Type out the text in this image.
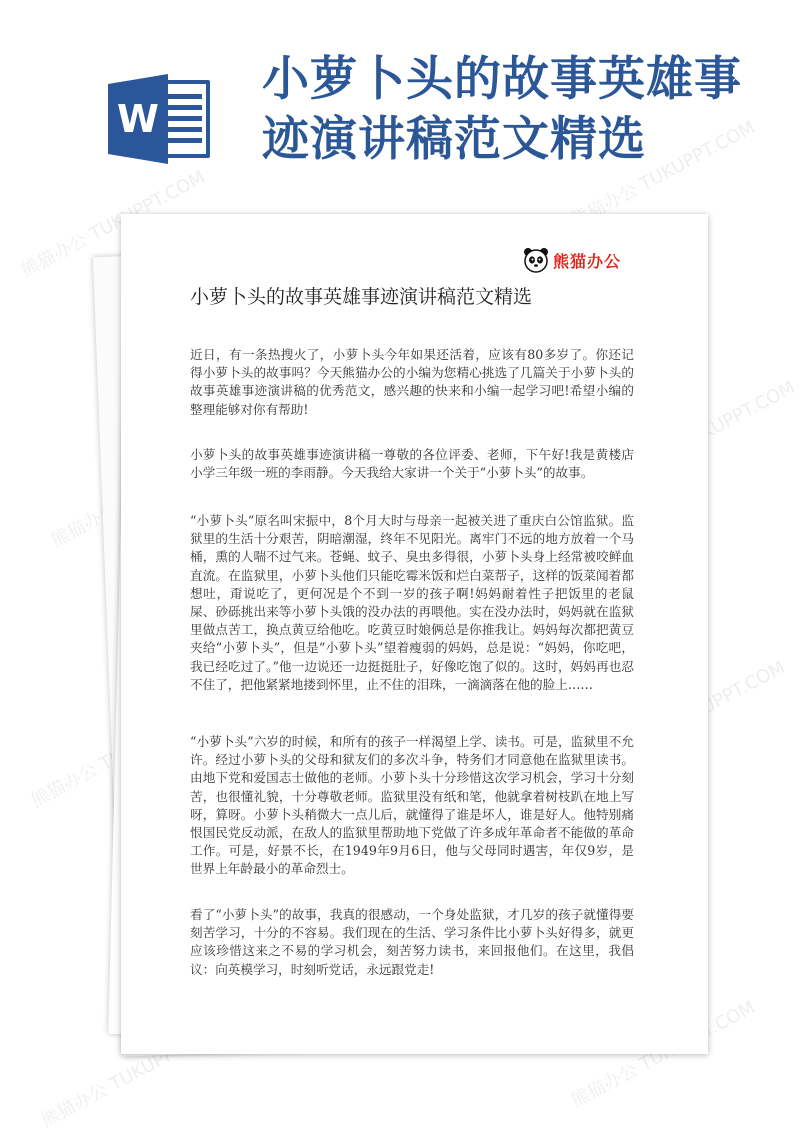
W
小萝卜头的故事英雄事迹演讲稿范文精选
熊猫办公 TUKUPPT.COM
熊猫办公
熊猫办公
熊猫办公 TUKUPPT.COM
TUKUPPT.COM
TUKUPPT.COM
熊猫办公 TUKUPPT.COM
熊猫办公 TUKUPPT.COM
熊猫办公
小萝卜头的故事英雄事迹演讲稿范文精选

近日，有一条热搜火了，小萝卜头今年如果还活着，应该有80多岁了。你还记得小萝卜头的故事吗？今天熊猫办公的小编为您精心挑选了几篇关于小萝卜头的故事英雄事迹演讲稿的优秀范文，感兴趣的快来和小编一起学习吧!希望小编的整理能够对你有帮助!

小萝卜头的故事英雄事迹演讲稿一尊敬的各位评委、老师，下午好!我是黄楼店小学三年级一班的李雨静。今天我给大家讲一个关于“小萝卜头”的故事。

“小萝卜头”原名叫宋振中，8个月大时与母亲一起被关进了重庆白公馆监狱。监狱里的生活十分艰苦，阴暗潮湿，终年不见阳光。离牢门不远的地方放着一个马桶，熏的人喘不过气来。苍蝇、蚊子、臭虫多得很，小萝卜头身上经常被咬鲜血直流。在监狱里，小萝卜头他们只能吃霉米饭和烂白菜帮子，这样的饭菜闻着都想吐，甭说吃了，更何况是个不到一岁的孩子啊!妈妈耐着性子把饭里的老鼠屎、砂砾挑出来等小萝卜头饿的没办法的再喂他。实在没办法时，妈妈就在监狱里做点苦工，换点黄豆给他吃。吃黄豆时娘俩总是你推我让。妈妈每次都把黄豆夹给“小萝卜头”，但是“小萝卜头”望着瘦弱的妈妈，总是说：“妈妈，你吃吧，我已经吃过了。”他一边说还一边挺挺肚子，好像吃饱了似的。这时，妈妈再也忍不住了，把他紧紧地搂到怀里，止不住的泪珠，一滴滴落在他的脸上……

“小萝卜头”六岁的时候，和所有的孩子一样渴望上学、读书。可是，监狱里不允许。经过小萝卜头的父母和狱友们的多次斗争，特务们才同意他在监狱里读书。由地下党和爱国志士做他的老师。小萝卜头十分珍惜这次学习机会，学习十分刻苦，也很懂礼貌，十分尊敬老师。监狱里没有纸和笔，他就拿着树枝趴在地上写呀，算呀。小萝卜头稍微大一点儿后，就懂得了谁是坏人，谁是好人。他特别痛恨国民党反动派，在敌人的监狱里帮助地下党做了许多成年革命者不能做的革命工作。可是，好景不长，在1949年9月6日，他与父母同时遇害，年仅9岁，是世界上年龄最小的革命烈士。

看了“小萝卜头”的故事，我真的很感动，一个身处监狱，才几岁的孩子就懂得要刻苦学习，十分的不容易。我们现在的生活、学习条件比小萝卜头好得多，就更应该珍惜这来之不易的学习机会，刻苦努力读书，来回报他们。在这里，我倡议：向英模学习，时刻听党话，永远跟党走!
